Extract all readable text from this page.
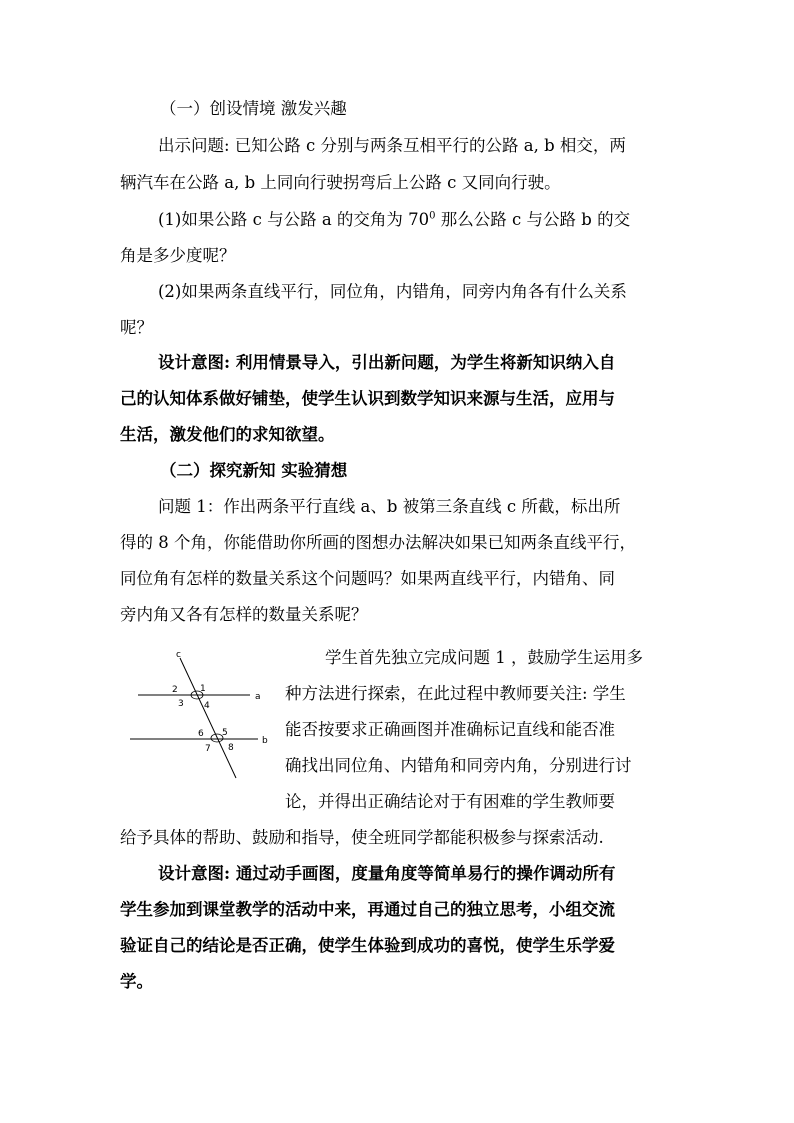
（一）创设情境 激发兴趣
出示问题: 已知公路 c 分别与两条互相平行的公路 a, b 相交，两
辆汽车在公路 a, b 上同向行驶拐弯后上公路 c 又同向行驶。
(1)如果公路 c 与公路 a 的交角为 $70^0$ 那么公路 c 与公路 b 的交
角是多少度呢？
(2)如果两条直线平行，同位角，内错角，同旁内角各有什么关系
呢？
设计意图: 利用情景导入，引出新问题，为学生将新知识纳入自
己的认知体系做好铺垫，使学生认识到数学知识来源与生活，应用与
生活，激发他们的求知欲望。
（二）探究新知 实验猜想
问题 1：作出两条平行直线 a、b 被第三条直线 c 所截，标出所
得的 8 个角，你能借助你所画的图想办法解决如果已知两条直线平行，
同位角有怎样的数量关系这个问题吗？如果两直线平行，内错角、同
旁内角又各有怎样的数量关系呢？
c
a
b
1
2
3 4
5
6
7 8
学生首先独立完成问题 1 ，鼓励学生运用多
种方法进行探索，在此过程中教师要关注: 学生
能否按要求正确画图并准确标记直线和能否准
确找出同位角、内错角和同旁内角，分别进行讨
论，并得出正确结论对于有困难的学生教师要
给予具体的帮助、鼓励和指导，使全班同学都能积极参与探索活动.
设计意图: 通过动手画图，度量角度等简单易行的操作调动所有
学生参加到课堂教学的活动中来，再通过自己的独立思考，小组交流
验证自己的结论是否正确，使学生体验到成功的喜悦，使学生乐学爱
学。
